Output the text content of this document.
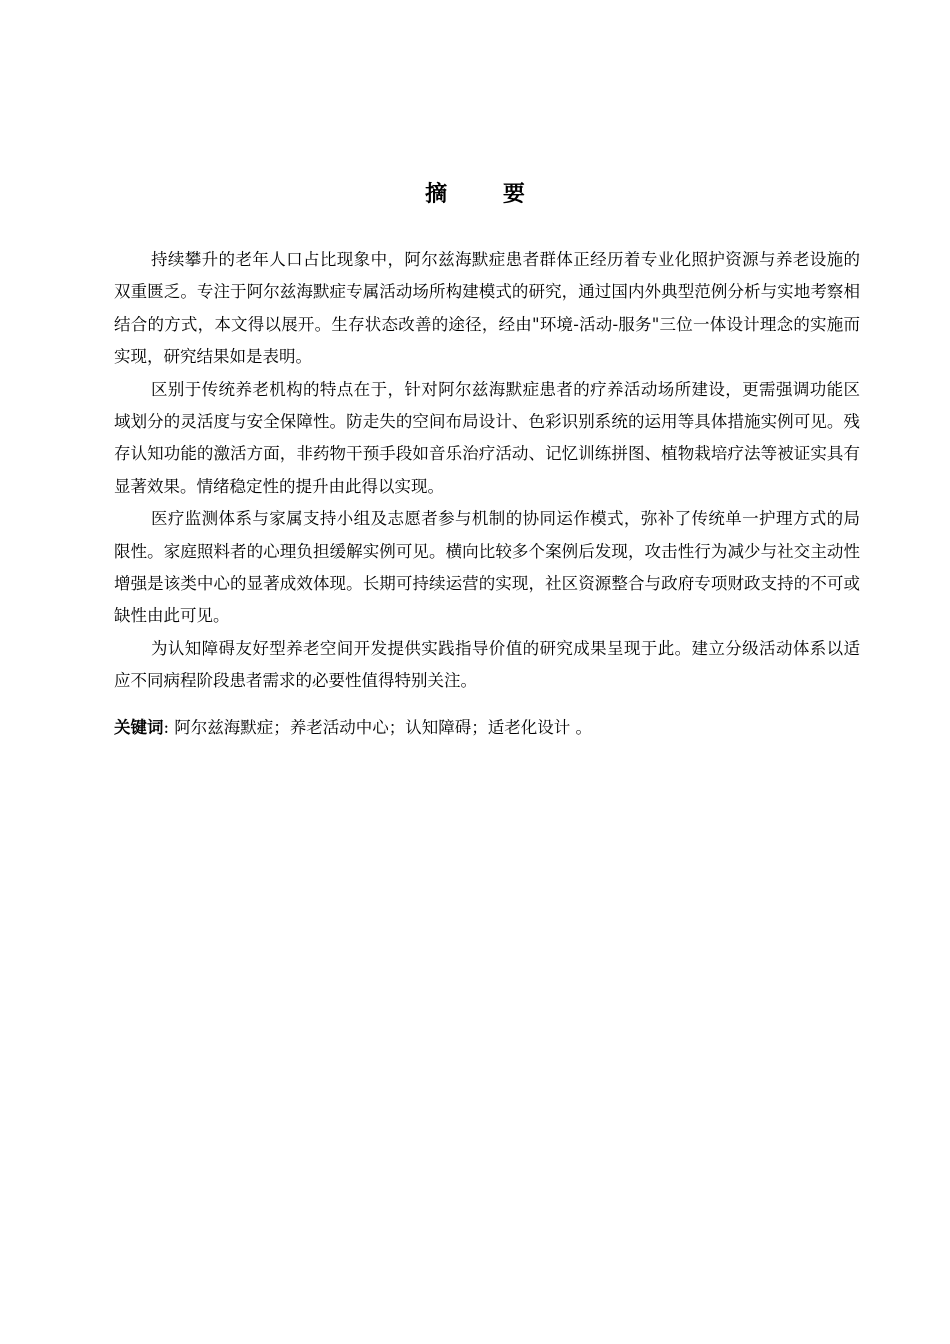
摘 要

持续攀升的老年人口占比现象中，阿尔兹海默症患者群体正经历着专业化照护资源与养老设施的双重匮乏。专注于阿尔兹海默症专属活动场所构建模式的研究，通过国内外典型范例分析与实地考察相结合的方式，本文得以展开。生存状态改善的途径，经由"环境-活动-服务"三位一体设计理念的实施而实现，研究结果如是表明。

区别于传统养老机构的特点在于，针对阿尔兹海默症患者的疗养活动场所建设，更需强调功能区域划分的灵活度与安全保障性。防走失的空间布局设计、色彩识别系统的运用等具体措施实例可见。残存认知功能的激活方面，非药物干预手段如音乐治疗活动、记忆训练拼图、植物栽培疗法等被证实具有显著效果。情绪稳定性的提升由此得以实现。

医疗监测体系与家属支持小组及志愿者参与机制的协同运作模式，弥补了传统单一护理方式的局限性。家庭照料者的心理负担缓解实例可见。横向比较多个案例后发现，攻击性行为减少与社交主动性增强是该类中心的显著成效体现。长期可持续运营的实现，社区资源整合与政府专项财政支持的不可或缺性由此可见。

为认知障碍友好型养老空间开发提供实践指导价值的研究成果呈现于此。建立分级活动体系以适应不同病程阶段患者需求的必要性值得特别关注。

关键词: 阿尔兹海默症；养老活动中心；认知障碍；适老化设计 。
